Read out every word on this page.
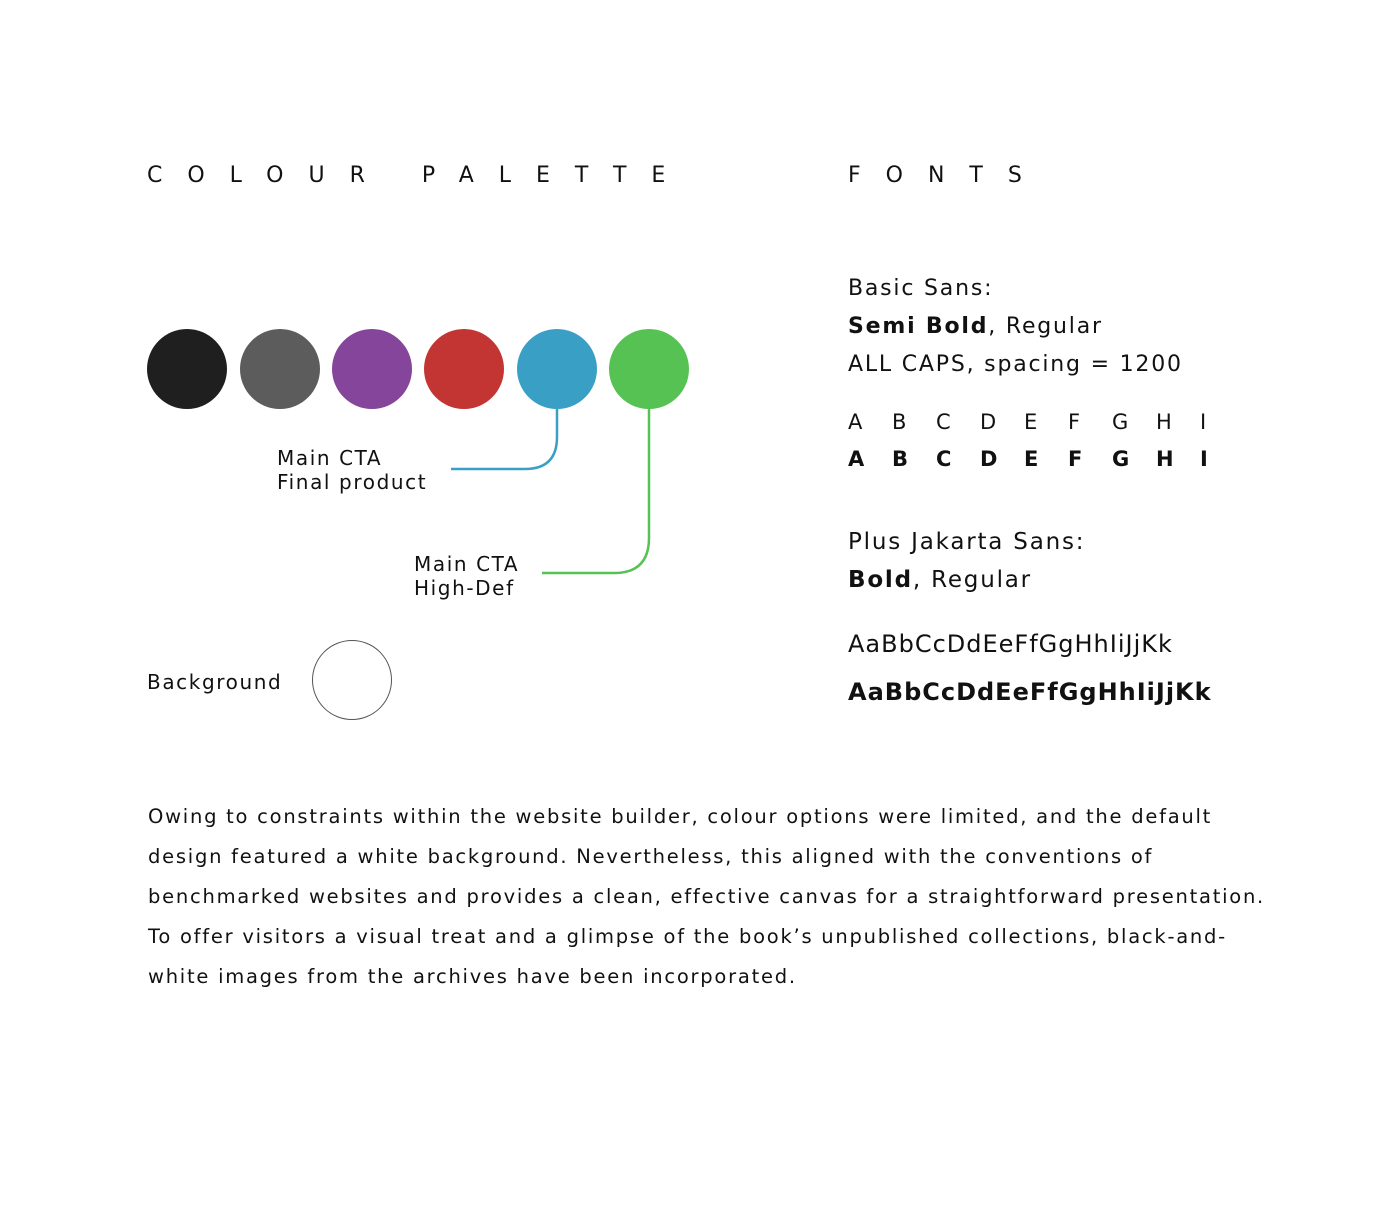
COLOUR PALETTE	FONTS
Main CTA
Final product
Main CTA
High-Def
Background
Basic Sans:
Semi Bold, Regular
ALL CAPS, spacing = 1200
A	B	C	D	E	F	G	H	I
A	B	C	D	E	F	G	H	I
Plus Jakarta Sans:
Bold, Regular
AaBbCcDdEeFfGgHhIiJjKk
AaBbCcDdEeFfGgHhIiJjKk
Owing to constraints within the website builder, colour options were limited, and the default
design featured a white background. Nevertheless, this aligned with the conventions of
benchmarked websites and provides a clean, effective canvas for a straightforward presentation.
To offer visitors a visual treat and a glimpse of the book’s unpublished collections, black-and-
white images from the archives have been incorporated.
